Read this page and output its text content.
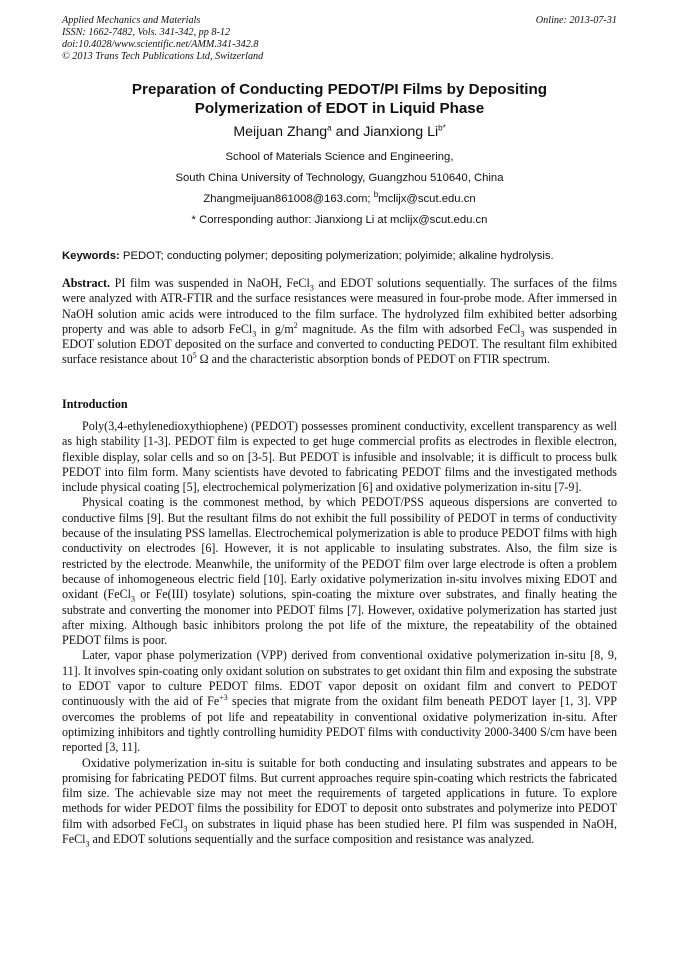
Applied Mechanics and Materials
ISSN: 1662-7482, Vols. 341-342, pp 8-12
doi:10.4028/www.scientific.net/AMM.341-342.8
© 2013 Trans Tech Publications Ltd, Switzerland
Online: 2013-07-31
Preparation of Conducting PEDOT/PI Films by Depositing
Polymerization of EDOT in Liquid Phase
Meijuan Zhang$^a$ and Jianxiong $Li^{b*}$
School of Materials Science and Engineering,
South China University of Technology, Guangzhou 510640, China
Zhangmeijuan861008@163.com; $^b$mclijx@scut.edu.cn
* Corresponding author: Jianxiong Li at mclijx@scut.edu.cn
Keywords: PEDOT; conducting polymer; depositing polymerization; polyimide; alkaline hydrolysis.

Abstract. PI film was suspended in NaOH, FeCl$_3$ and EDOT solutions sequentially. The surfaces of the films were analyzed with ATR-FTIR and the surface resistances were measured in four-probe mode. After immersed in NaOH solution amic acids were introduced to the film surface. The hydrolyzed film exhibited better adsorbing property and was able to adsorb FeCl$_3$ in $g/m^2$ magnitude. As the film with adsorbed FeCl$_3$ was suspended in EDOT solution EDOT deposited on the surface and converted to conducting PEDOT. The resultant film exhibited surface resistance about $10^5$ Ω and the characteristic absorption bonds of PEDOT on FTIR spectrum.

Introduction

Poly(3,4-ethylenedioxythiophene) (PEDOT) possesses prominent conductivity, excellent transparency as well as high stability [1-3]. PEDOT film is expected to get huge commercial profits as electrodes in flexible electron, flexible display, solar cells and so on [3-5]. But PEDOT is infusible and insolvable; it is difficult to process bulk PEDOT into film form. Many scientists have devoted to fabricating PEDOT films and the investigated methods include physical coating [5], electrochemical polymerization [6] and oxidative polymerization in-situ [7-9].

Physical coating is the commonest method, by which PEDOT/PSS aqueous dispersions are converted to conductive films [9]. But the resultant films do not exhibit the full possibility of PEDOT in terms of conductivity because of the insulating PSS lamellas. Electrochemical polymerization is able to produce PEDOT films with high conductivity on electrodes [6]. However, it is not applicable to insulating substrates. Also, the film size is restricted by the electrode. Meanwhile, the uniformity of the PEDOT film over large electrode is often a problem because of inhomogeneous electric field [10]. Early oxidative polymerization in-situ involves mixing EDOT and oxidant (FeCl$_3$ or Fe(III) tosylate) solutions, spin-coating the mixture over substrates, and finally heating the substrate and converting the monomer into PEDOT films [7]. However, oxidative polymerization has started just after mixing. Although basic inhibitors prolong the pot life of the mixture, the repeatability of the obtained PEDOT films is poor.

Later, vapor phase polymerization (VPP) derived from conventional oxidative polymerization in-situ [8, 9, 11]. It involves spin-coating only oxidant solution on substrates to get oxidant thin film and exposing the substrate to EDOT vapor to culture PEDOT films. EDOT vapor deposit on oxidant film and convert to PEDOT continuously with the aid of $Fe^{+3}$ species that migrate from the oxidant film beneath PEDOT layer [1, 3]. VPP overcomes the problems of pot life and repeatability in conventional oxidative polymerization in-situ. After optimizing inhibitors and tightly controlling humidity PEDOT films with conductivity 2000-3400 S/cm have been reported [3, 11].

Oxidative polymerization in-situ is suitable for both conducting and insulating substrates and appears to be promising for fabricating PEDOT films. But current approaches require spin-coating which restricts the fabricated film size. The achievable size may not meet the requirements of targeted applications in future. To explore methods for wider PEDOT films the possibility for EDOT to deposit onto substrates and polymerize into PEDOT film with adsorbed FeCl$_3$ on substrates in liquid phase has been studied here. PI film was suspended in NaOH, FeCl$_3$ and EDOT solutions sequentially and the surface composition and resistance was analyzed.
